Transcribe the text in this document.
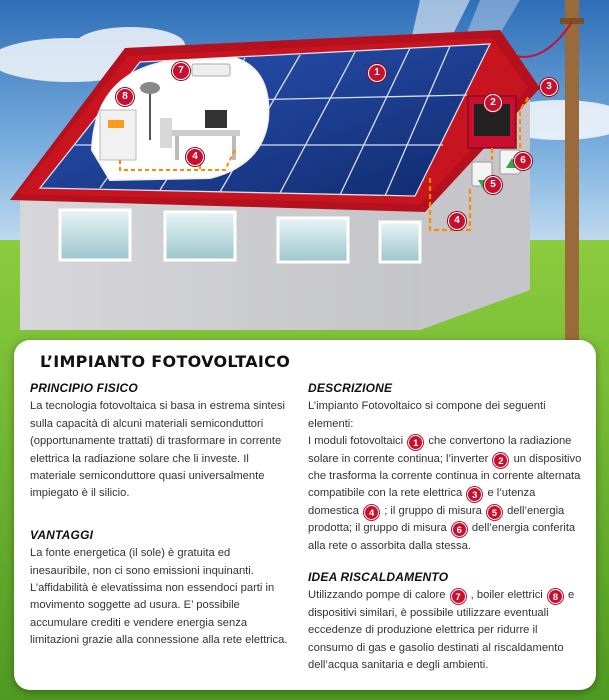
1
2
3
4
5
6
7
8
4
L’IMPIANTO FOTOVOLTAICO
PRINCIPIO FISICO
La tecnologia fotovoltaica si basa in estrema sintesi sulla capacità di alcuni materiali semiconduttori (opportunamente trattati) di trasformare in corrente elettrica la radiazione solare che li investe. Il materiale semiconduttore quasi universalmente impiegato è il silicio.
VANTAGGI
La fonte energetica (il sole) è gratuita ed inesauribile, non ci sono emissioni inquinanti. L’affidabilità è elevatissima non essendoci parti in movimento soggette ad usura. E’ possibile accumulare crediti e vendere energia senza limitazioni grazie alla connessione alla rete elettrica.
DESCRIZIONE
L’impianto Fotovoltaico si compone dei seguenti elementi:
I moduli fotovoltaici 1 che convertono la radiazione solare in corrente continua; l’inverter 2 un dispositivo che trasforma la corrente continua in corrente alternata compatibile con la rete elettrica 3 e l’utenza domestica 4 ; il gruppo di misura 5 dell’energia prodotta; il gruppo di misura 6 dell’energia conferita alla rete o assorbita dalla stessa.
IDEA RISCALDAMENTO
Utilizzando pompe di calore 7 , boiler elettrici 8 e dispositivi similari, è possibile utilizzare eventuali eccedenze di produzione elettrica per ridurre il consumo di gas e gasolio destinati al riscaldamento dell’acqua sanitaria e degli ambienti.
